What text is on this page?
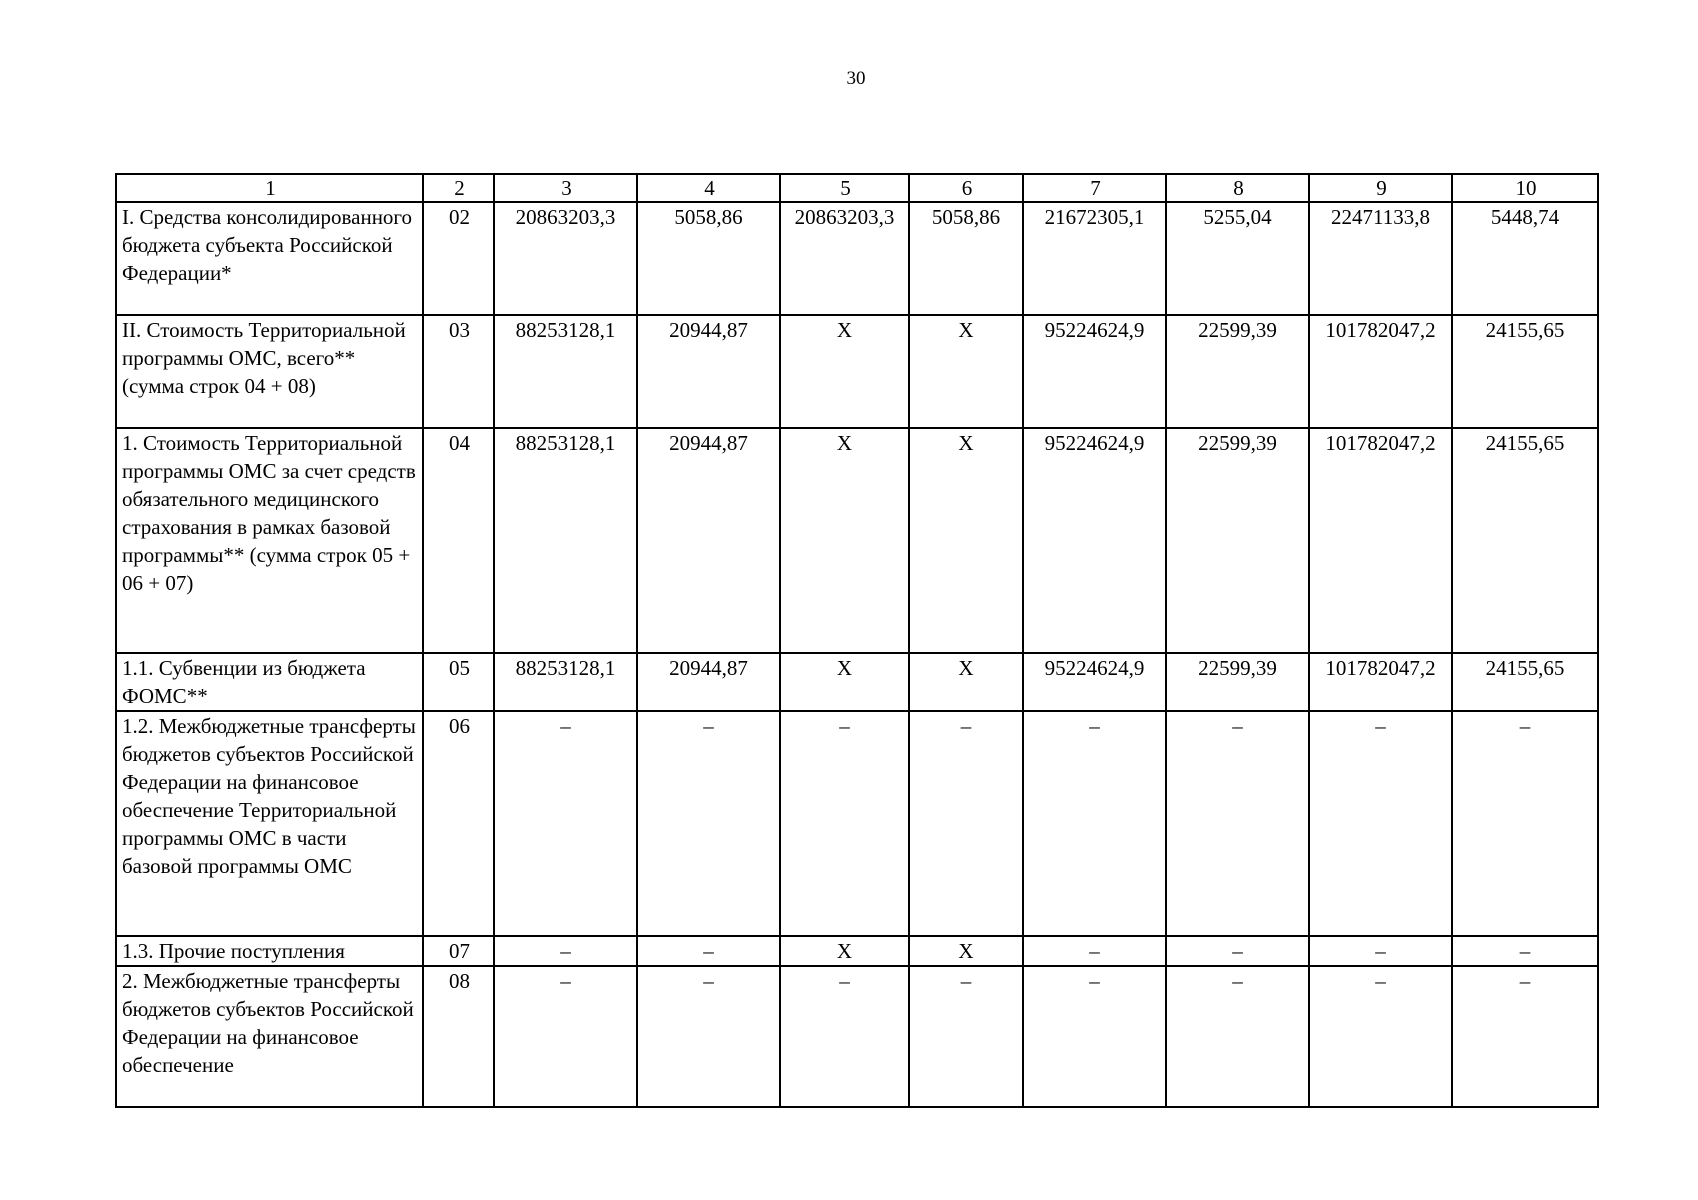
30
1	2	3	4	5	6	7	8	9	10
I. Средства консолидированного бюджета субъекта Российской Федерации*	02	20863203,3	5058,86	20863203,3	5058,86	21672305,1	5255,04	22471133,8	5448,74
II. Стоимость Территориальной программы ОМС, всего** (сумма строк 04 + 08)	03	88253128,1	20944,87	X	X	95224624,9	22599,39	101782047,2	24155,65
1. Стоимость Территориальной программы ОМС за счет средств обязательного медицинского страхования в рамках базовой программы** (сумма строк 05 + 06 + 07)	04	88253128,1	20944,87	X	X	95224624,9	22599,39	101782047,2	24155,65
1.1. Субвенции из бюджета ФОМС**	05	88253128,1	20944,87	X	X	95224624,9	22599,39	101782047,2	24155,65
1.2. Межбюджетные трансферты бюджетов субъектов Российской Федерации на финансовое обеспечение Территориальной программы ОМС в части базовой программы ОМС	06	–	–	–	–	–	–	–	–
1.3. Прочие поступления	07	–	–	X	X	–	–	–	–
2. Межбюджетные трансферты бюджетов субъектов Российской Федерации на финансовое обеспечение	08	–	–	–	–	–	–	–	–
